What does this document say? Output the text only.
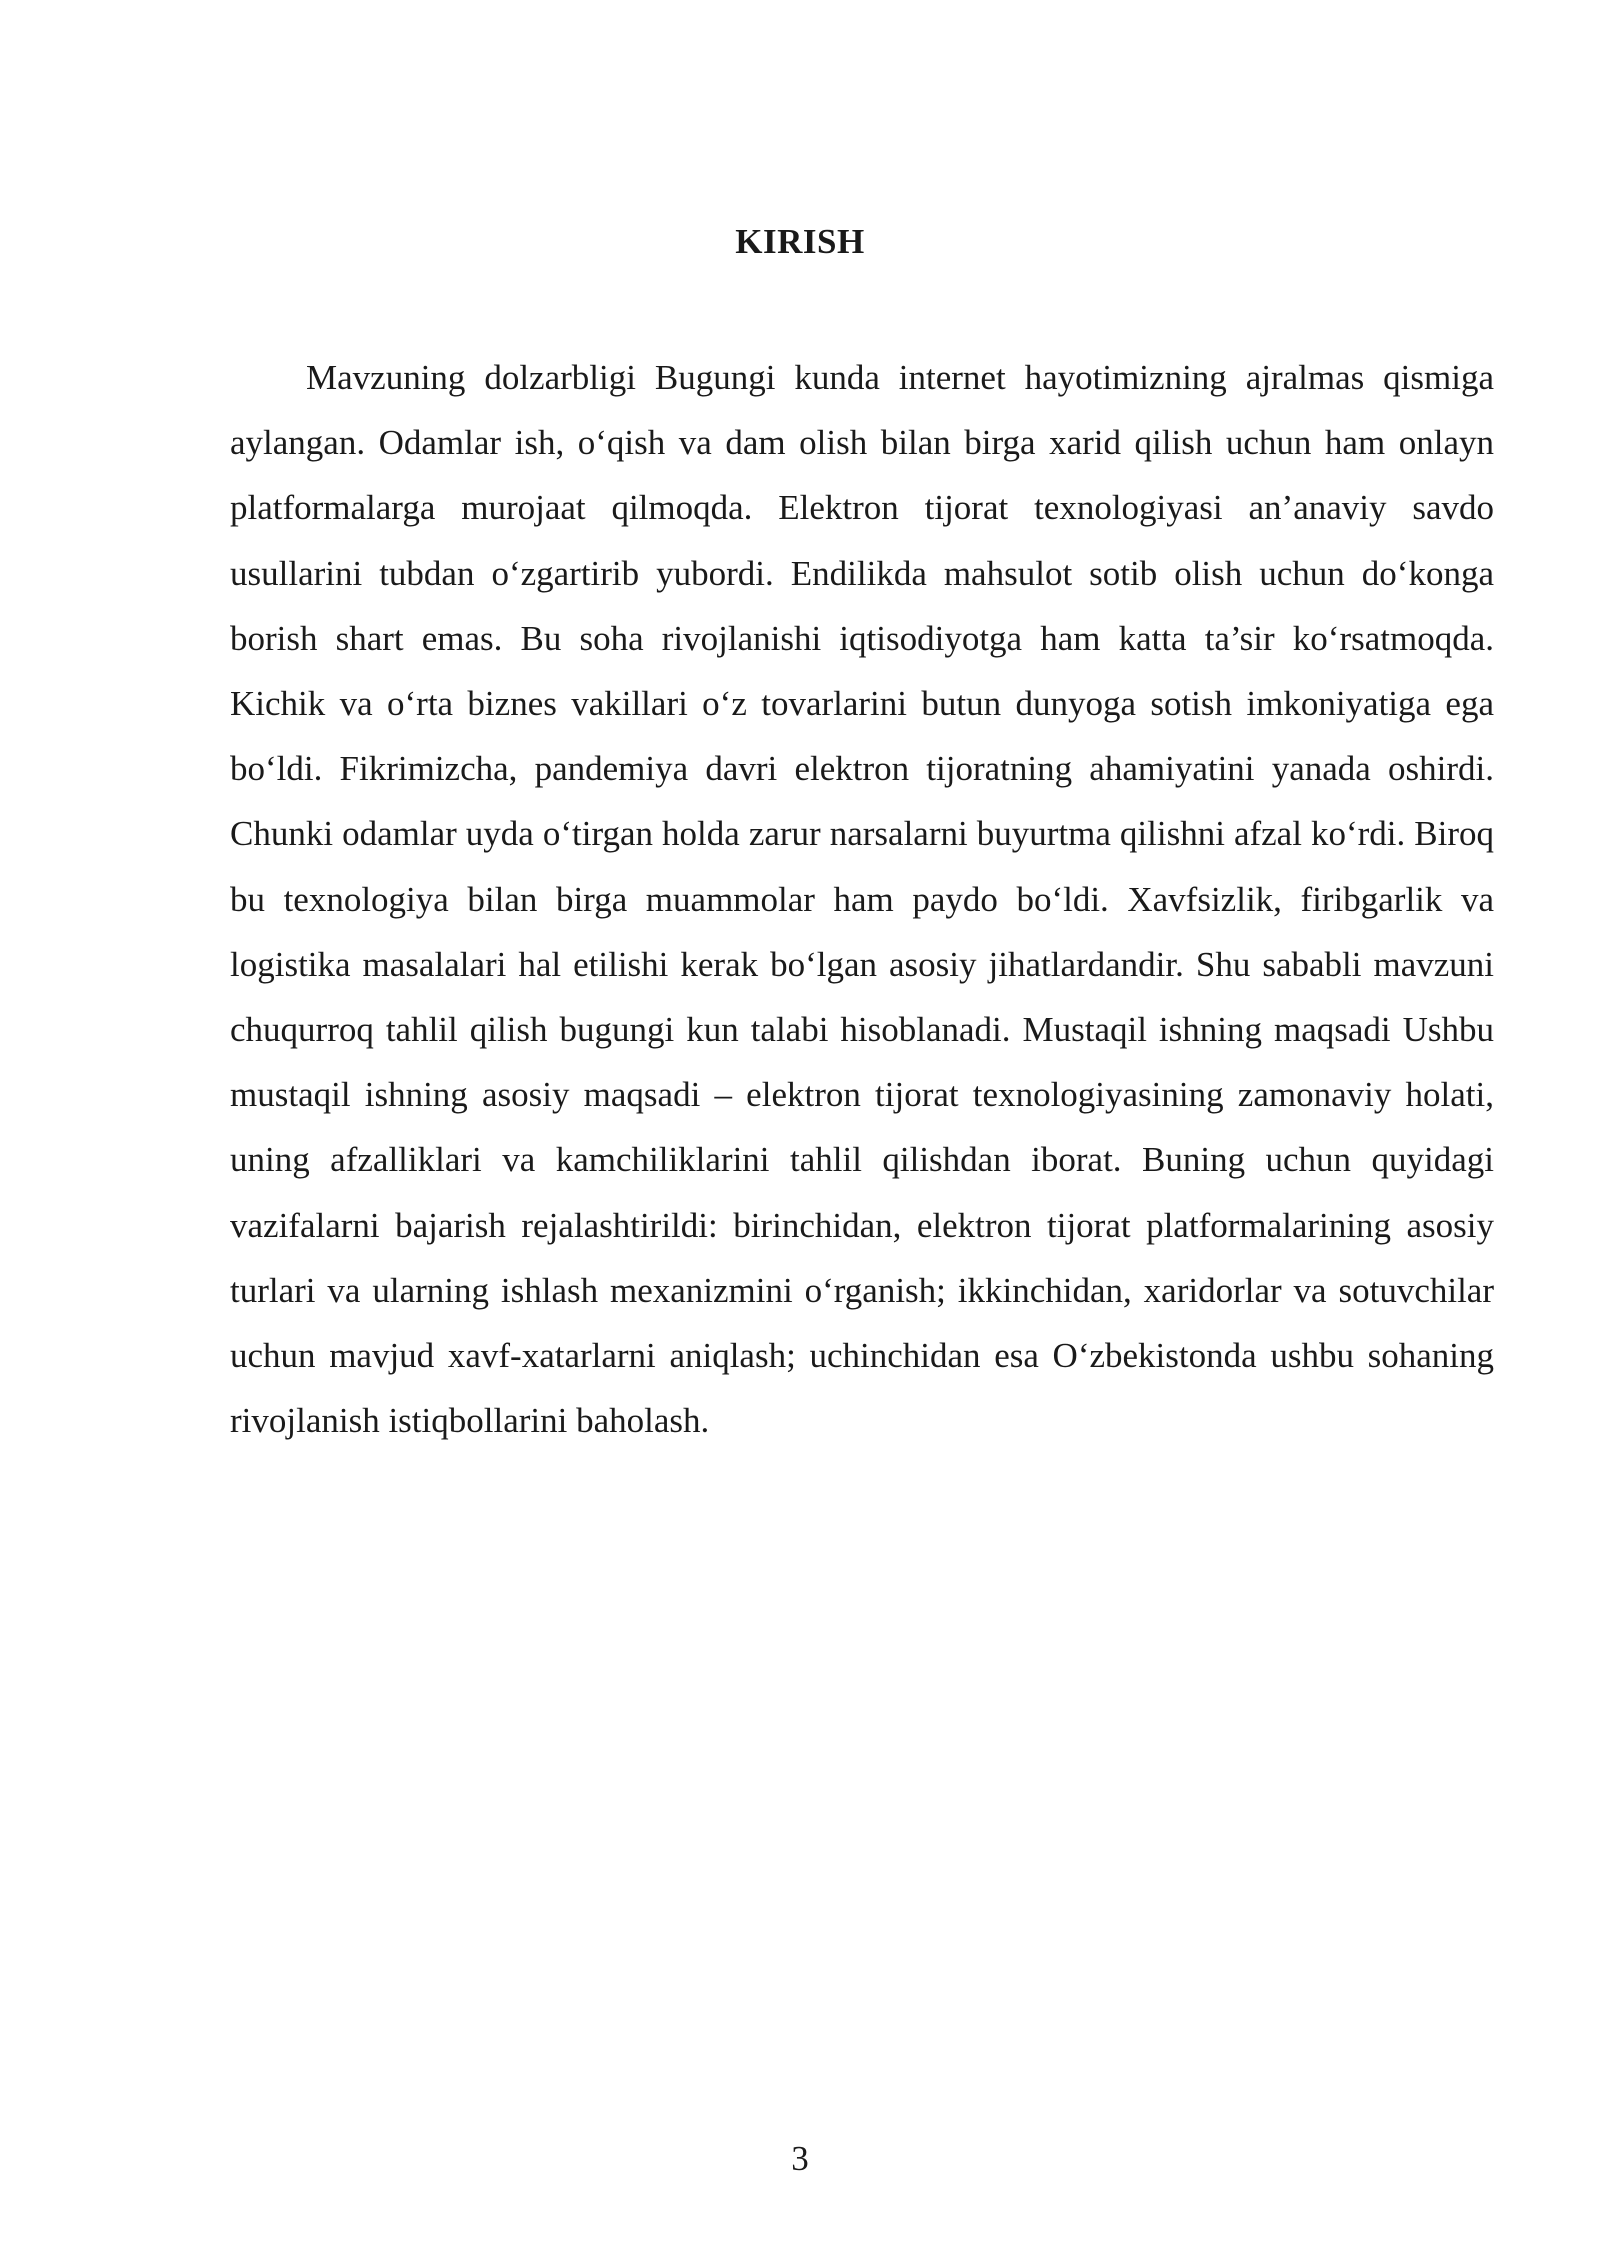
KIRISH

Mavzuning dolzarbligi Bugungi kunda internet hayotimizning ajralmas qismiga aylangan. Odamlar ish, o‘qish va dam olish bilan birga xarid qilish uchun ham onlayn platformalarga murojaat qilmoqda. Elektron tijorat texnologiyasi an’anaviy savdo usullarini tubdan o‘zgartirib yubordi. Endilikda mahsulot sotib olish uchun do‘konga borish shart emas. Bu soha rivojlanishi iqtisodiyotga ham katta ta’sir ko‘rsatmoqda. Kichik va o‘rta biznes vakillari o‘z tovarlarini butun dunyoga sotish imkoniyatiga ega bo‘ldi. Fikrimizcha, pandemiya davri elektron tijoratning ahamiyatini yanada oshirdi. Chunki odamlar uyda o‘tirgan holda zarur narsalarni buyurtma qilishni afzal ko‘rdi. Biroq bu texnologiya bilan birga muammolar ham paydo bo‘ldi. Xavfsizlik, firibgarlik va logistika masalalari hal etilishi kerak bo‘lgan asosiy jihatlardandir. Shu sababli mavzuni chuqurroq tahlil qilish bugungi kun talabi hisoblanadi. Mustaqil ishning maqsadi Ushbu mustaqil ishning asosiy maqsadi – elektron tijorat texnologiyasining zamonaviy holati, uning afzalliklari va kamchiliklarini tahlil qilishdan iborat. Buning uchun quyidagi vazifalarni bajarish rejalashtirildi: birinchidan, elektron tijorat platformalarining asosiy turlari va ularning ishlash mexanizmini o‘rganish; ikkinchidan, xaridorlar va sotuvchilar uchun mavjud xavf-xatarlarni aniqlash; uchinchidan esa O‘zbekistonda ushbu sohaning rivojlanish istiqbollarini baholash.

3
